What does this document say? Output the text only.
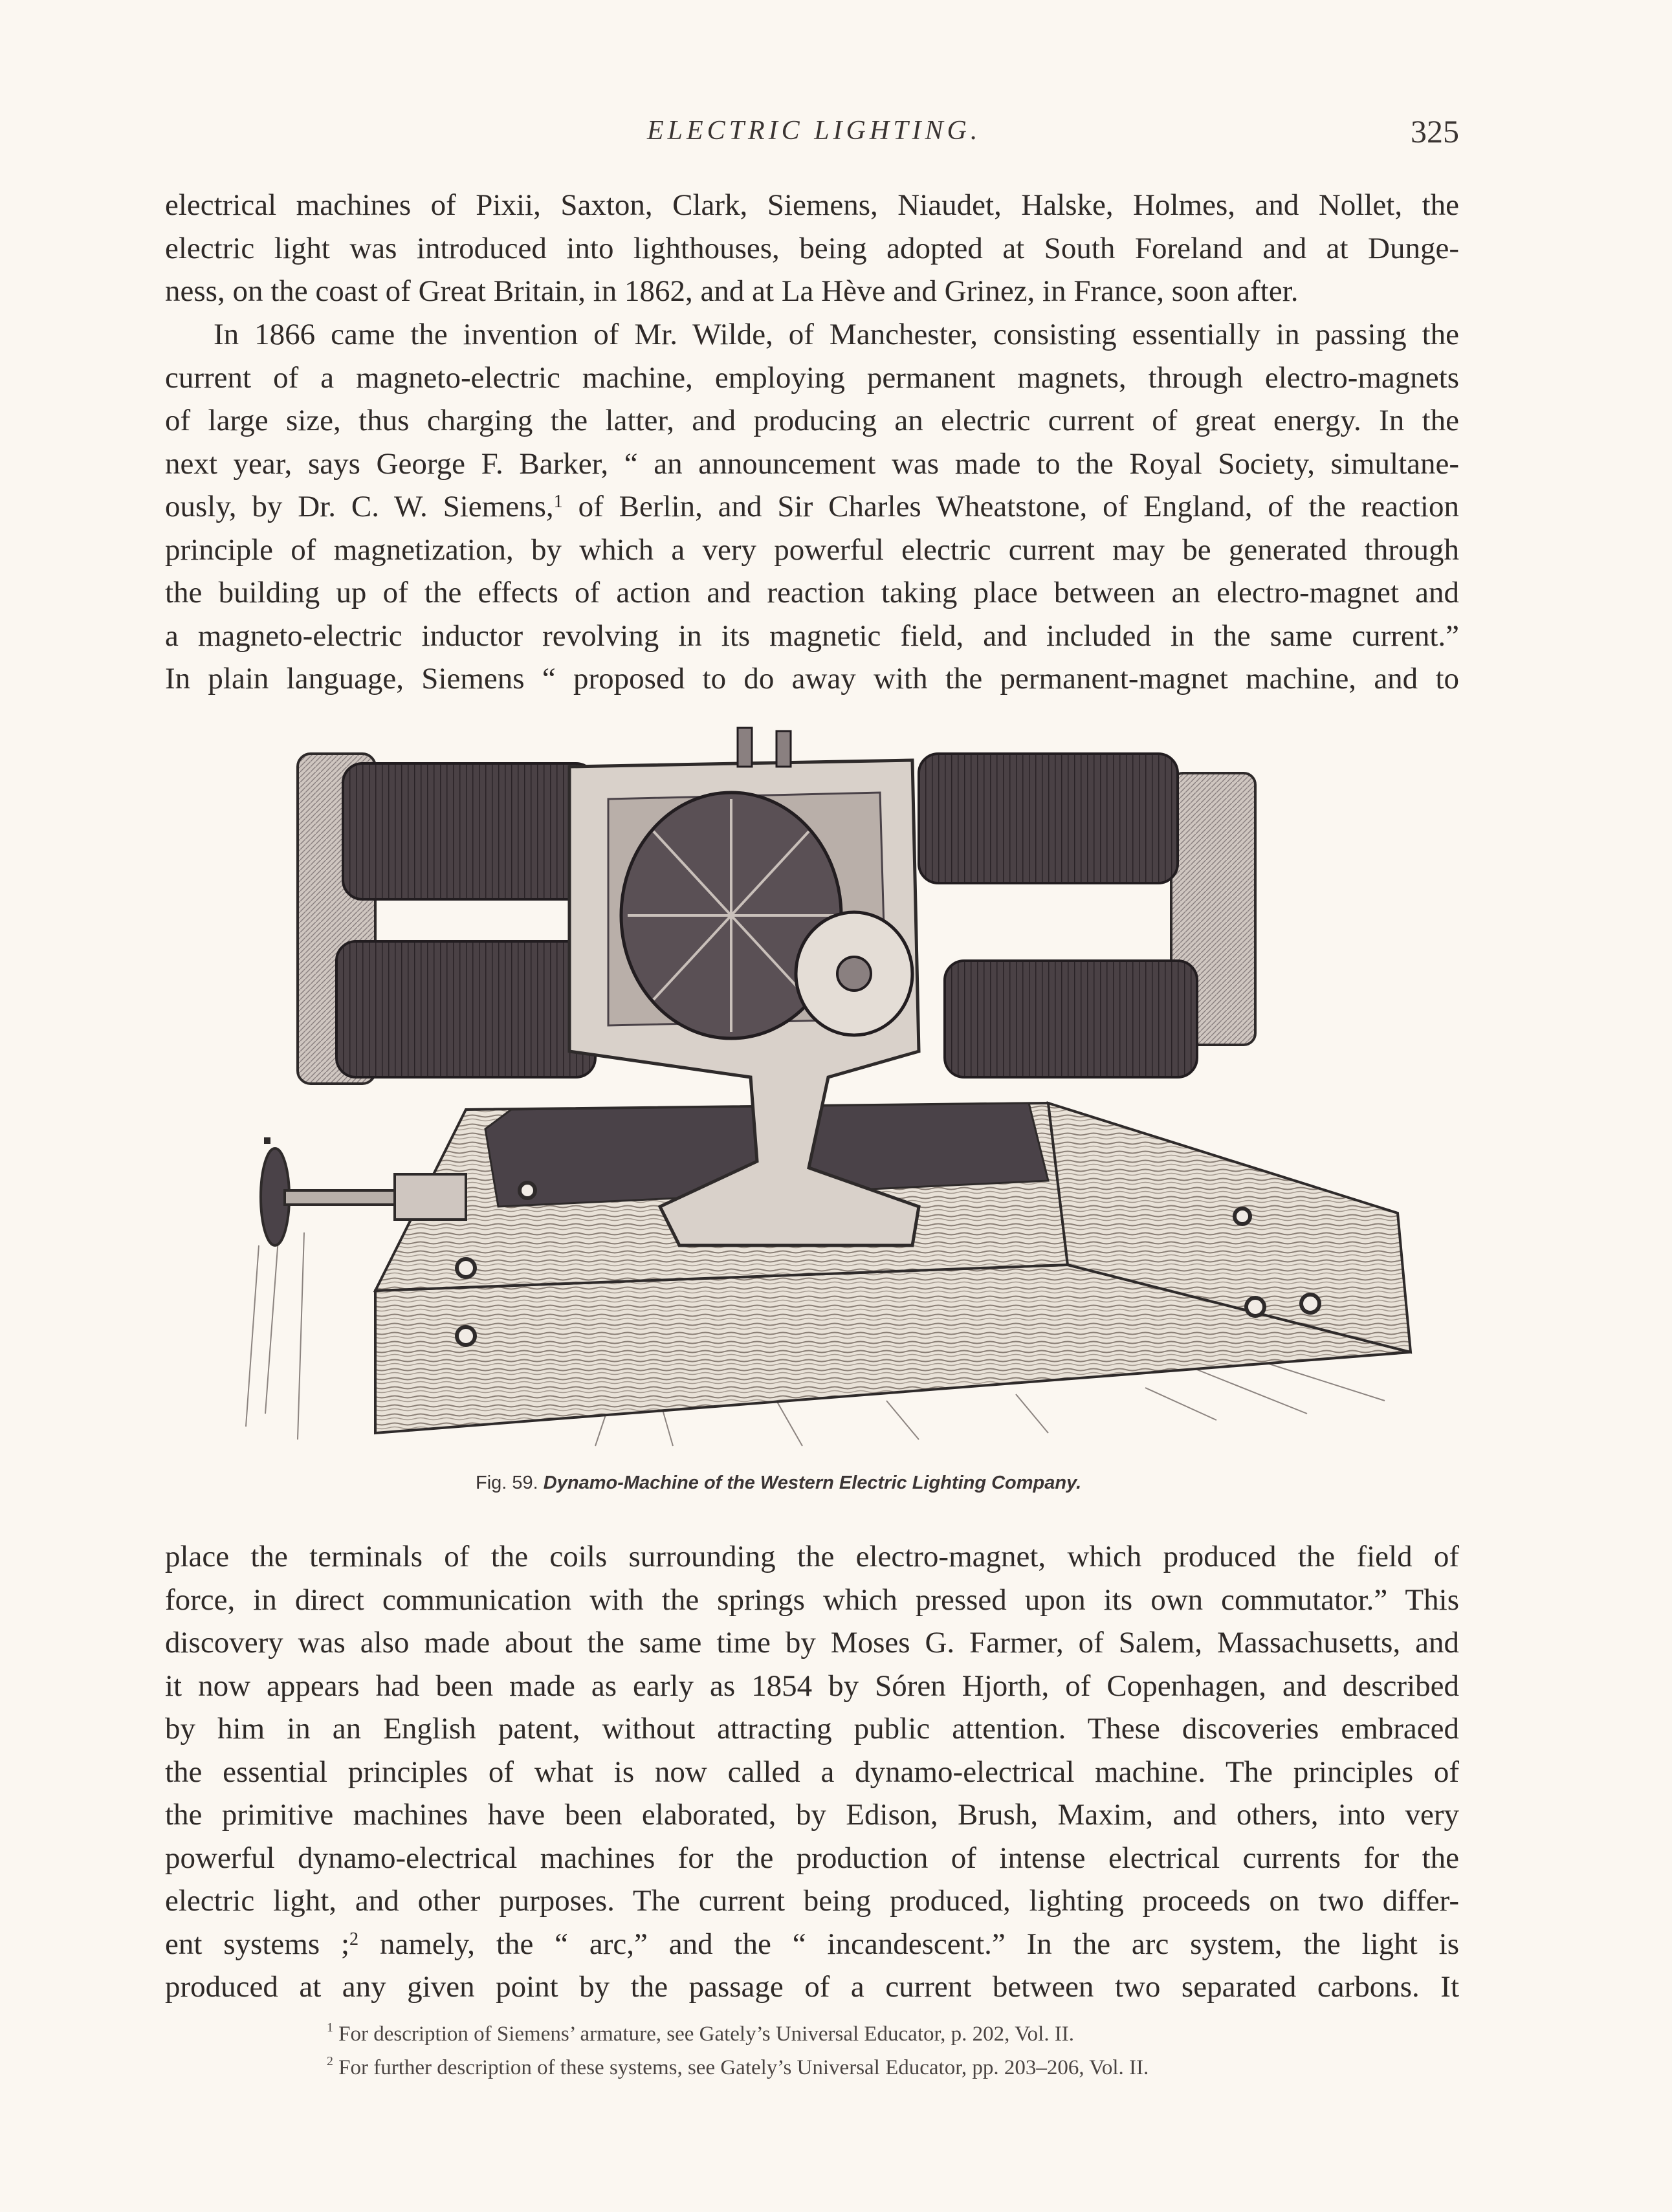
ELECTRIC LIGHTING.	325
electrical machines of Pixii, Saxton, Clark, Siemens, Niaudet, Halske, Holmes, and Nollet, the
electric light was introduced into lighthouses, being adopted at South Foreland and at Dunge-
ness, on the coast of Great Britain, in 1862, and at La Hève and Grinez, in France, soon after.
In 1866 came the invention of Mr. Wilde, of Manchester, consisting essentially in passing the
current of a magneto-electric machine, employing permanent magnets, through electro-magnets
of large size, thus charging the latter, and producing an electric current of great energy. In the
next year, says George F. Barker, “ an announcement was made to the Royal Society, simultane-
ously, by Dr. C. W. Siemens,$^1$ of Berlin, and Sir Charles Wheatstone, of England, of the reaction
principle of magnetization, by which a very powerful electric current may be generated through
the building up of the effects of action and reaction taking place between an electro-magnet and
a magneto-electric inductor revolving in its magnetic field, and included in the same current.”
In plain language, Siemens “ proposed to do away with the permanent-magnet machine, and to
Fig. 59. Dynamo-Machine of the Western Electric Lighting Company.
place the terminals of the coils surrounding the electro-magnet, which produced the field of
force, in direct communication with the springs which pressed upon its own commutator.” This
discovery was also made about the same time by Moses G. Farmer, of Salem, Massachusetts, and
it now appears had been made as early as 1854 by Sóren Hjorth, of Copenhagen, and described
by him in an English patent, without attracting public attention. These discoveries embraced
the essential principles of what is now called a dynamo-electrical machine. The principles of
the primitive machines have been elaborated, by Edison, Brush, Maxim, and others, into very
powerful dynamo-electrical machines for the production of intense electrical currents for the
electric light, and other purposes. The current being produced, lighting proceeds on two differ-
ent systems ;$^2$ namely, the “ arc,” and the “ incandescent.” In the arc system, the light is
produced at any given point by the passage of a current between two separated carbons. It
$^1$ For description of Siemens’ armature, see Gately’s Universal Educator, p. 202, Vol. II.
$^2$ For further description of these systems, see Gately’s Universal Educator, pp. 203–206, Vol. II.
